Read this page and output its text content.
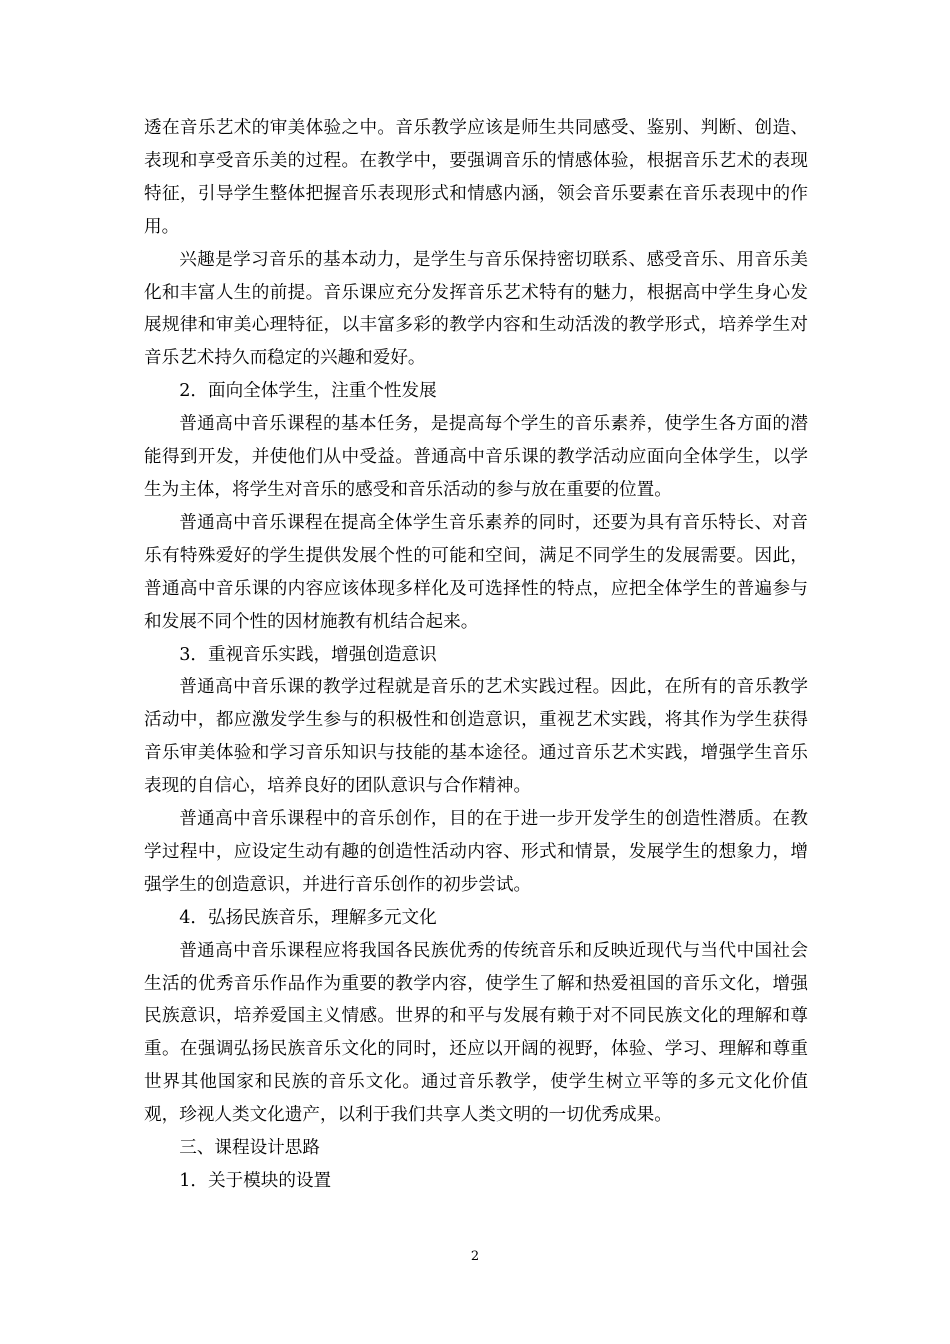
透在音乐艺术的审美体验之中。音乐教学应该是师生共同感受、鉴别、判断、创造、表现和享受音乐美的过程。在教学中，要强调音乐的情感体验，根据音乐艺术的表现特征，引导学生整体把握音乐表现形式和情感内涵，领会音乐要素在音乐表现中的作用。

兴趣是学习音乐的基本动力，是学生与音乐保持密切联系、感受音乐、用音乐美化和丰富人生的前提。音乐课应充分发挥音乐艺术特有的魅力，根据高中学生身心发展规律和审美心理特征，以丰富多彩的教学内容和生动活泼的教学形式，培养学生对音乐艺术持久而稳定的兴趣和爱好。

2．面向全体学生，注重个性发展

普通高中音乐课程的基本任务，是提高每个学生的音乐素养，使学生各方面的潜能得到开发，并使他们从中受益。普通高中音乐课的教学活动应面向全体学生，以学生为主体，将学生对音乐的感受和音乐活动的参与放在重要的位置。

普通高中音乐课程在提高全体学生音乐素养的同时，还要为具有音乐特长、对音乐有特殊爱好的学生提供发展个性的可能和空间，满足不同学生的发展需要。因此，普通高中音乐课的内容应该体现多样化及可选择性的特点，应把全体学生的普遍参与和发展不同个性的因材施教有机结合起来。

3．重视音乐实践，增强创造意识

普通高中音乐课的教学过程就是音乐的艺术实践过程。因此，在所有的音乐教学活动中，都应激发学生参与的积极性和创造意识，重视艺术实践，将其作为学生获得音乐审美体验和学习音乐知识与技能的基本途径。通过音乐艺术实践，增强学生音乐表现的自信心，培养良好的团队意识与合作精神。

普通高中音乐课程中的音乐创作，目的在于进一步开发学生的创造性潜质。在教学过程中，应设定生动有趣的创造性活动内容、形式和情景，发展学生的想象力，增强学生的创造意识，并进行音乐创作的初步尝试。

4．弘扬民族音乐，理解多元文化

普通高中音乐课程应将我国各民族优秀的传统音乐和反映近现代与当代中国社会生活的优秀音乐作品作为重要的教学内容，使学生了解和热爱祖国的音乐文化，增强民族意识，培养爱国主义情感。世界的和平与发展有赖于对不同民族文化的理解和尊重。在强调弘扬民族音乐文化的同时，还应以开阔的视野，体验、学习、理解和尊重世界其他国家和民族的音乐文化。通过音乐教学，使学生树立平等的多元文化价值观，珍视人类文化遗产，以利于我们共享人类文明的一切优秀成果。

三、课程设计思路

1．关于模块的设置

2
